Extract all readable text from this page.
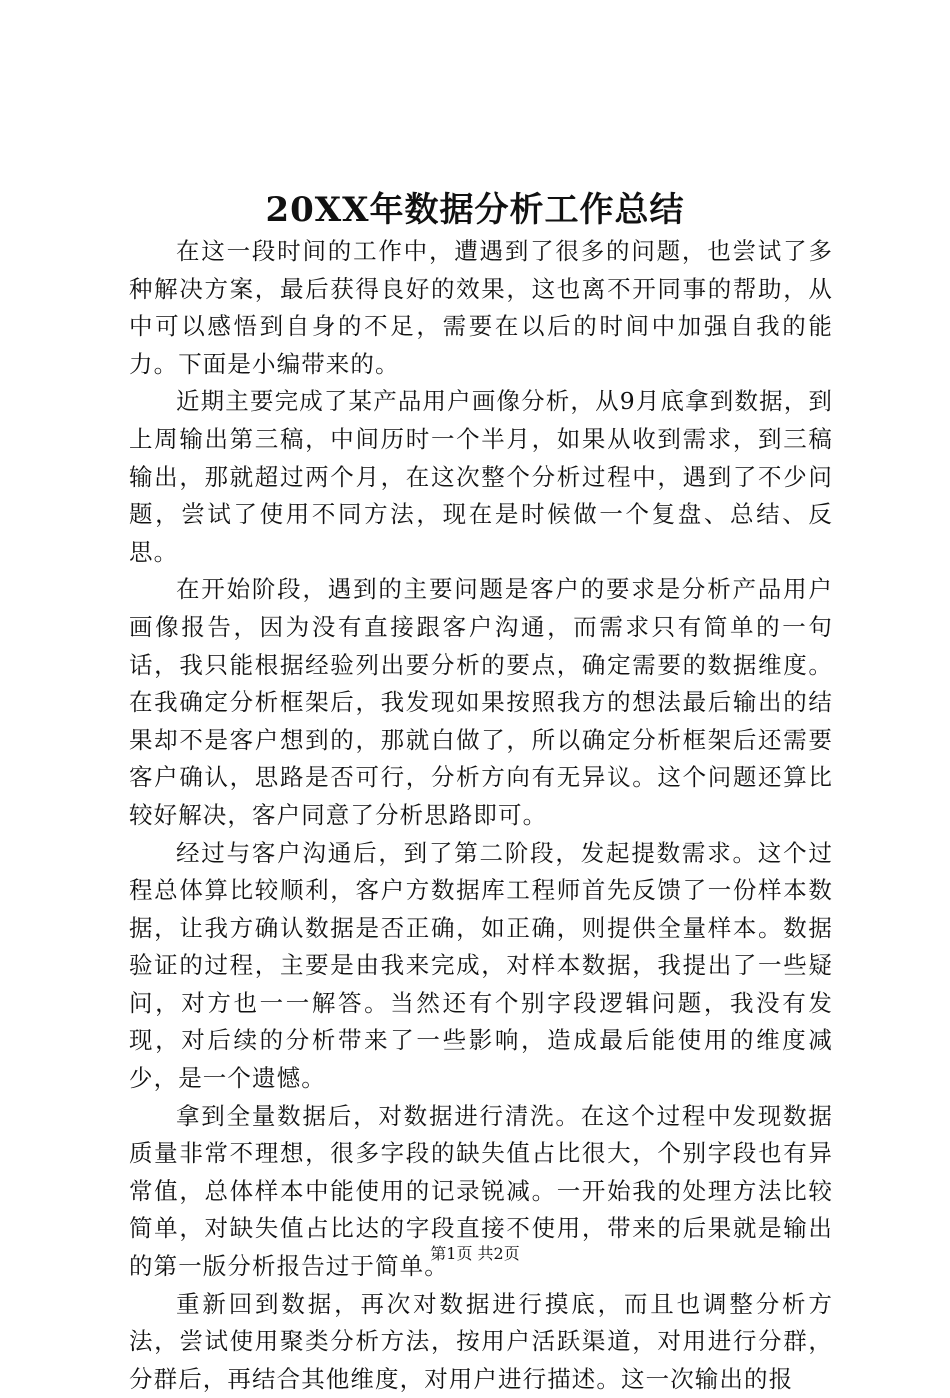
20XX年数据分析工作总结

在这一段时间的工作中，遭遇到了很多的问题，也尝试了多种解决方案，最后获得良好的效果，这也离不开同事的帮助，从中可以感悟到自身的不足，需要在以后的时间中加强自我的能力。下面是小编带来的。

近期主要完成了某产品用户画像分析，从9月底拿到数据，到上周输出第三稿，中间历时一个半月，如果从收到需求，到三稿输出，那就超过两个月，在这次整个分析过程中，遇到了不少问题，尝试了使用不同方法，现在是时候做一个复盘、总结、反思。

在开始阶段，遇到的主要问题是客户的要求是分析产品用户画像报告，因为没有直接跟客户沟通，而需求只有简单的一句话，我只能根据经验列出要分析的要点，确定需要的数据维度。在我确定分析框架后，我发现如果按照我方的想法最后输出的结果却不是客户想到的，那就白做了，所以确定分析框架后还需要客户确认，思路是否可行，分析方向有无异议。这个问题还算比较好解决，客户同意了分析思路即可。

经过与客户沟通后，到了第二阶段，发起提数需求。这个过程总体算比较顺利，客户方数据库工程师首先反馈了一份样本数据，让我方确认数据是否正确，如正确，则提供全量样本。数据验证的过程，主要是由我来完成，对样本数据，我提出了一些疑问，对方也一一解答。当然还有个别字段逻辑问题，我没有发现，对后续的分析带来了一些影响，造成最后能使用的维度减少，是一个遗憾。

拿到全量数据后，对数据进行清洗。在这个过程中发现数据质量非常不理想，很多字段的缺失值占比很大，个别字段也有异常值，总体样本中能使用的记录锐减。一开始我的处理方法比较简单，对缺失值占比达的字段直接不使用，带来的后果就是输出的第一版分析报告过于简单。

重新回到数据，再次对数据进行摸底，而且也调整分析方法，尝试使用聚类分析方法，按用户活跃渠道，对用进行分群，分群后，再结合其他维度，对用户进行描述。这一次输出的报

第1页 共2页
